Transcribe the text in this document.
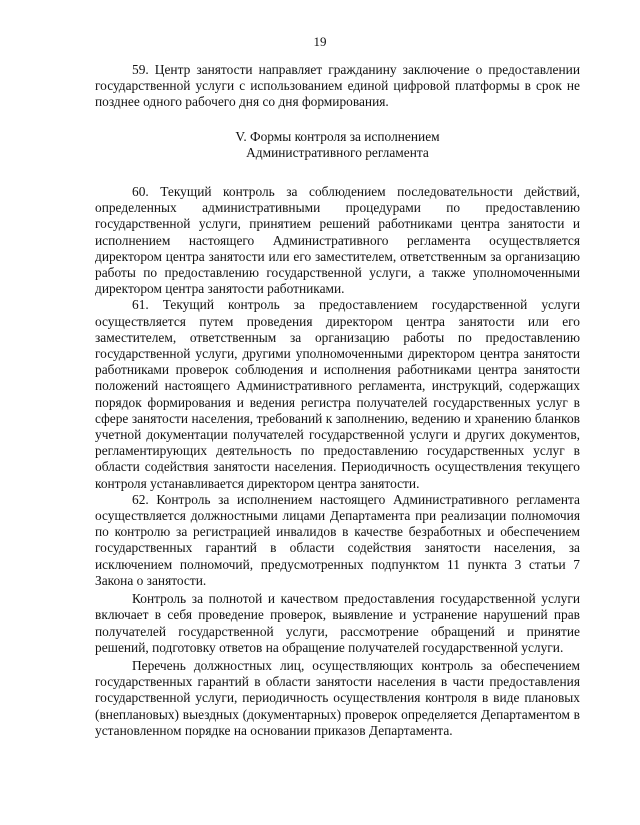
19

59. Центр занятости направляет гражданину заключение о предоставлении государственной услуги с использованием единой цифровой платформы в срок не позднее одного рабочего дня со дня формирования.

V. Формы контроля за исполнением
Административного регламента

60. Текущий контроль за соблюдением последовательности действий, определенных административными процедурами по предоставлению государственной услуги, принятием решений работниками центра занятости и исполнением настоящего Административного регламента осуществляется директором центра занятости или его заместителем, ответственным за организацию работы по предоставлению государственной услуги, а также уполномоченными директором центра занятости работниками.

61. Текущий контроль за предоставлением государственной услуги осуществляется путем проведения директором центра занятости или его заместителем, ответственным за организацию работы по предоставлению государственной услуги, другими уполномоченными директором центра занятости работниками проверок соблюдения и исполнения работниками центра занятости положений настоящего Административного регламента, инструкций, содержащих порядок формирования и ведения регистра получателей государственных услуг в сфере занятости населения, требований к заполнению, ведению и хранению бланков учетной документации получателей государственной услуги и других документов, регламентирующих деятельность по предоставлению государственных услуг в области содействия занятости населения. Периодичность осуществления текущего контроля устанавливается директором центра занятости.

62. Контроль за исполнением настоящего Административного регламента осуществляется должностными лицами Департамента при реализации полномочия по контролю за регистрацией инвалидов в качестве безработных и обеспечением государственных гарантий в области содействия занятости населения, за исключением полномочий, предусмотренных подпунктом 11 пункта 3 статьи 7 Закона о занятости.

Контроль за полнотой и качеством предоставления государственной услуги включает в себя проведение проверок, выявление и устранение нарушений прав получателей государственной услуги, рассмотрение обращений и принятие решений, подготовку ответов на обращение получателей государственной услуги.

Перечень должностных лиц, осуществляющих контроль за обеспечением государственных гарантий в области занятости населения в части предоставления государственной услуги, периодичность осуществления контроля в виде плановых (внеплановых) выездных (документарных) проверок определяется Департаментом в установленном порядке на основании приказов Департамента.
